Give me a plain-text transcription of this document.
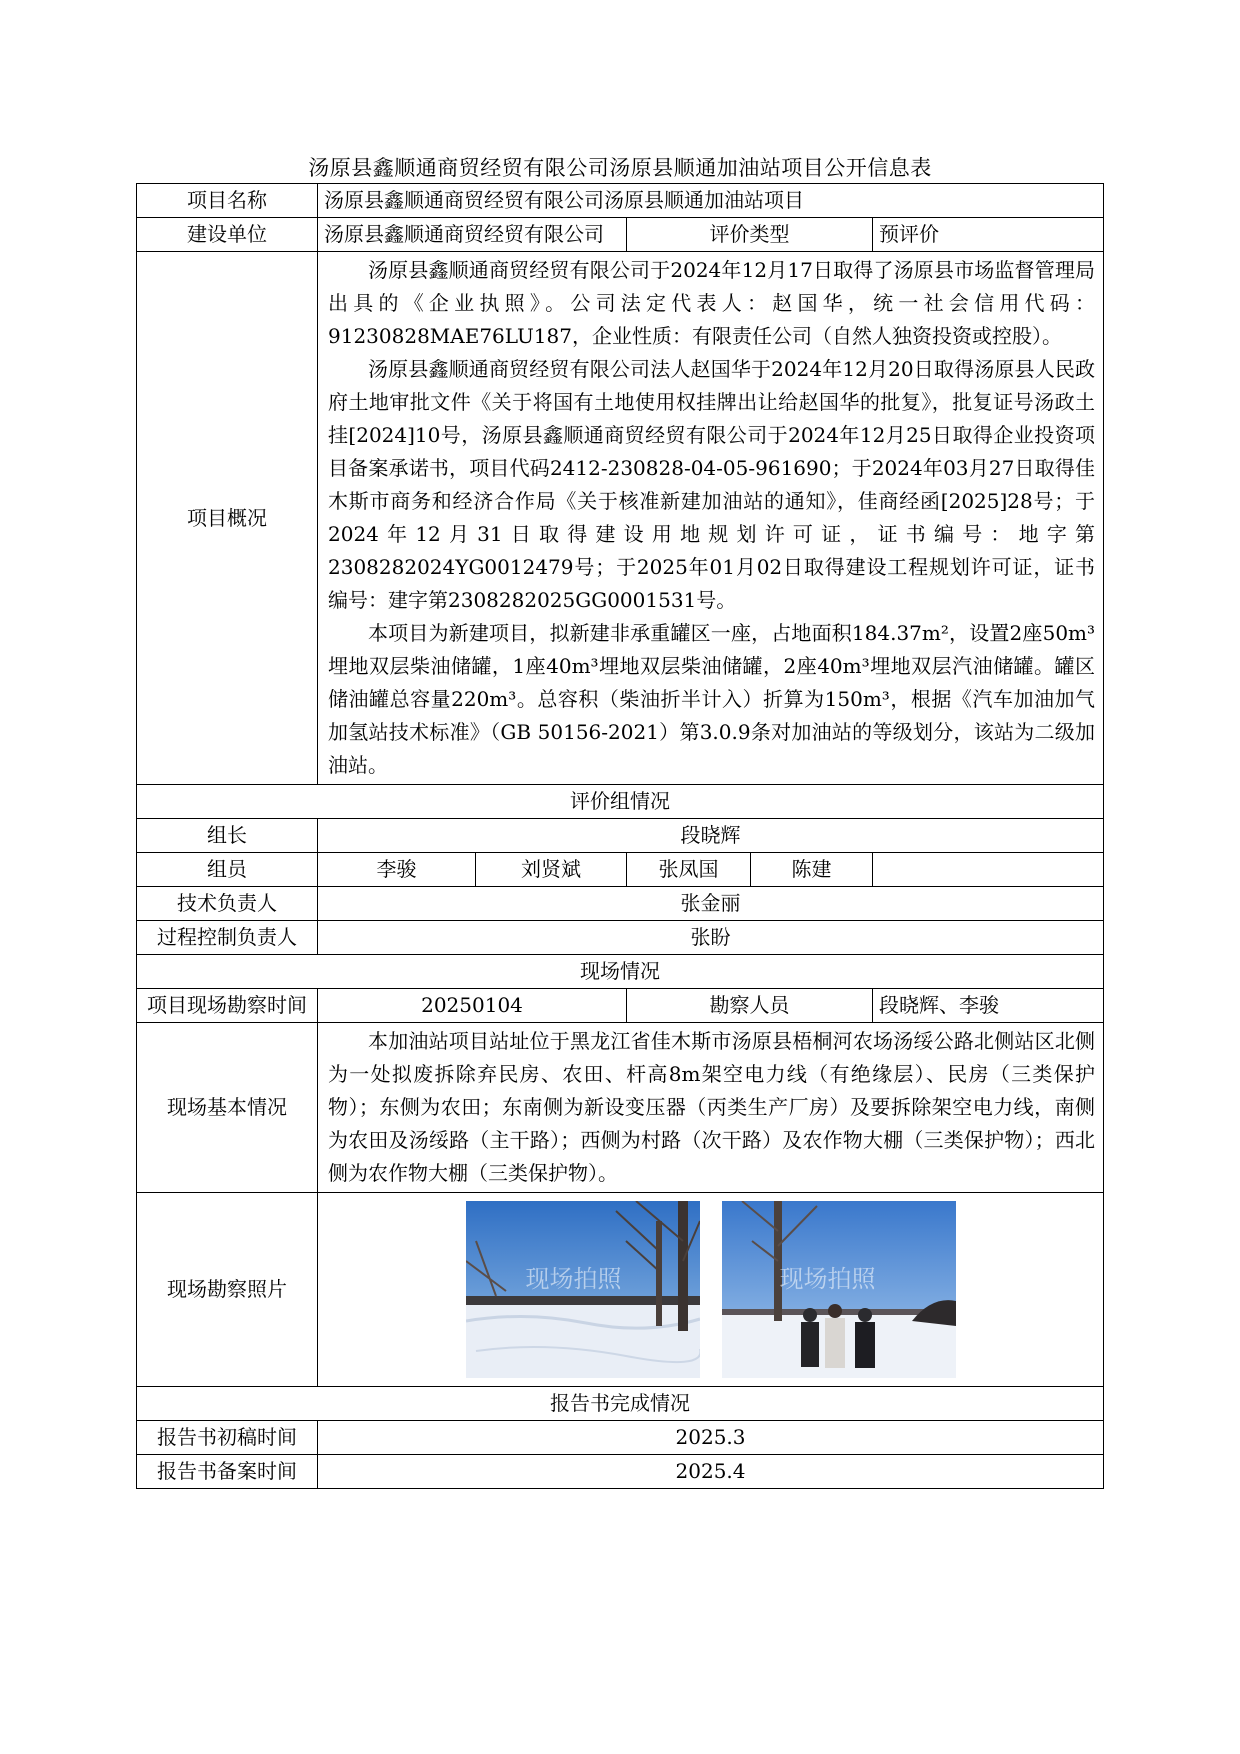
汤原县鑫顺通商贸经贸有限公司汤原县顺通加油站项目公开信息表
项目名称	汤原县鑫顺通商贸经贸有限公司汤原县顺通加油站项目				
建设单位	汤原县鑫顺通商贸经贸有限公司		评价类型		预评价
项目概况	汤原县鑫顺通商贸经贸有限公司于2024年12月17日取得了汤原县市场监督管理局出具的《企业执照》。公司法定代表人：赵国华，统一社会信用代码：91230828MAE76LU187，企业性质：有限责任公司（自然人独资投资或控股）。

汤原县鑫顺通商贸经贸有限公司法人赵国华于2024年12月20日取得汤原县人民政府土地审批文件《关于将国有土地使用权挂牌出让给赵国华的批复》，批复证号汤政土挂[2024]10号，汤原县鑫顺通商贸经贸有限公司于2024年12月25日取得企业投资项目备案承诺书，项目代码2412-230828-04-05-961690；于2024年03月27日取得佳木斯市商务和经济合作局《关于核准新建加油站的通知》，佳商经函[2025]28号；于2024年12月31日取得建设用地规划许可证，证书编号：地字第2308282024YG0012479号；于2025年01月02日取得建设工程规划许可证，证书编号：建字第2308282025GG0001531号。

本项目为新建项目，拟新建非承重罐区一座，占地面积184.37m²，设置2座50m³埋地双层柴油储罐，1座40m³埋地双层柴油储罐，2座40m³埋地双层汽油储罐。罐区储油罐总容量220m³。总容积（柴油折半计入）折算为150m³，根据《汽车加油加气加氢站技术标准》（GB 50156-2021）第3.0.9条对加油站的等级划分，该站为二级加油站。				

评价组情况					
组长	段晓辉				
组员	李骏	刘贤斌	张凤国	陈建	
技术负责人	张金丽				
过程控制负责人	张盼				
现场情况					
项目现场勘察时间	20250104		勘察人员		段晓辉、李骏
现场基本情况	本加油站项目站址位于黑龙江省佳木斯市汤原县梧桐河农场汤绥公路北侧站区北侧为一处拟废拆除弃民房、农田、杆高8m架空电力线（有绝缘层）、民房（三类保护物）；东侧为农田；东南侧为新设变压器（丙类生产厂房）及要拆除架空电力线，南侧为农田及汤绥路（主干路）；西侧为村路（次干路）及农作物大棚（三类保护物）；西北侧为农作物大棚（三类保护物）。				

现场勘察照片	现场拍照 现场拍照				

报告书完成情况					
报告书初稿时间	2025.3				
报告书备案时间	2025.4				
